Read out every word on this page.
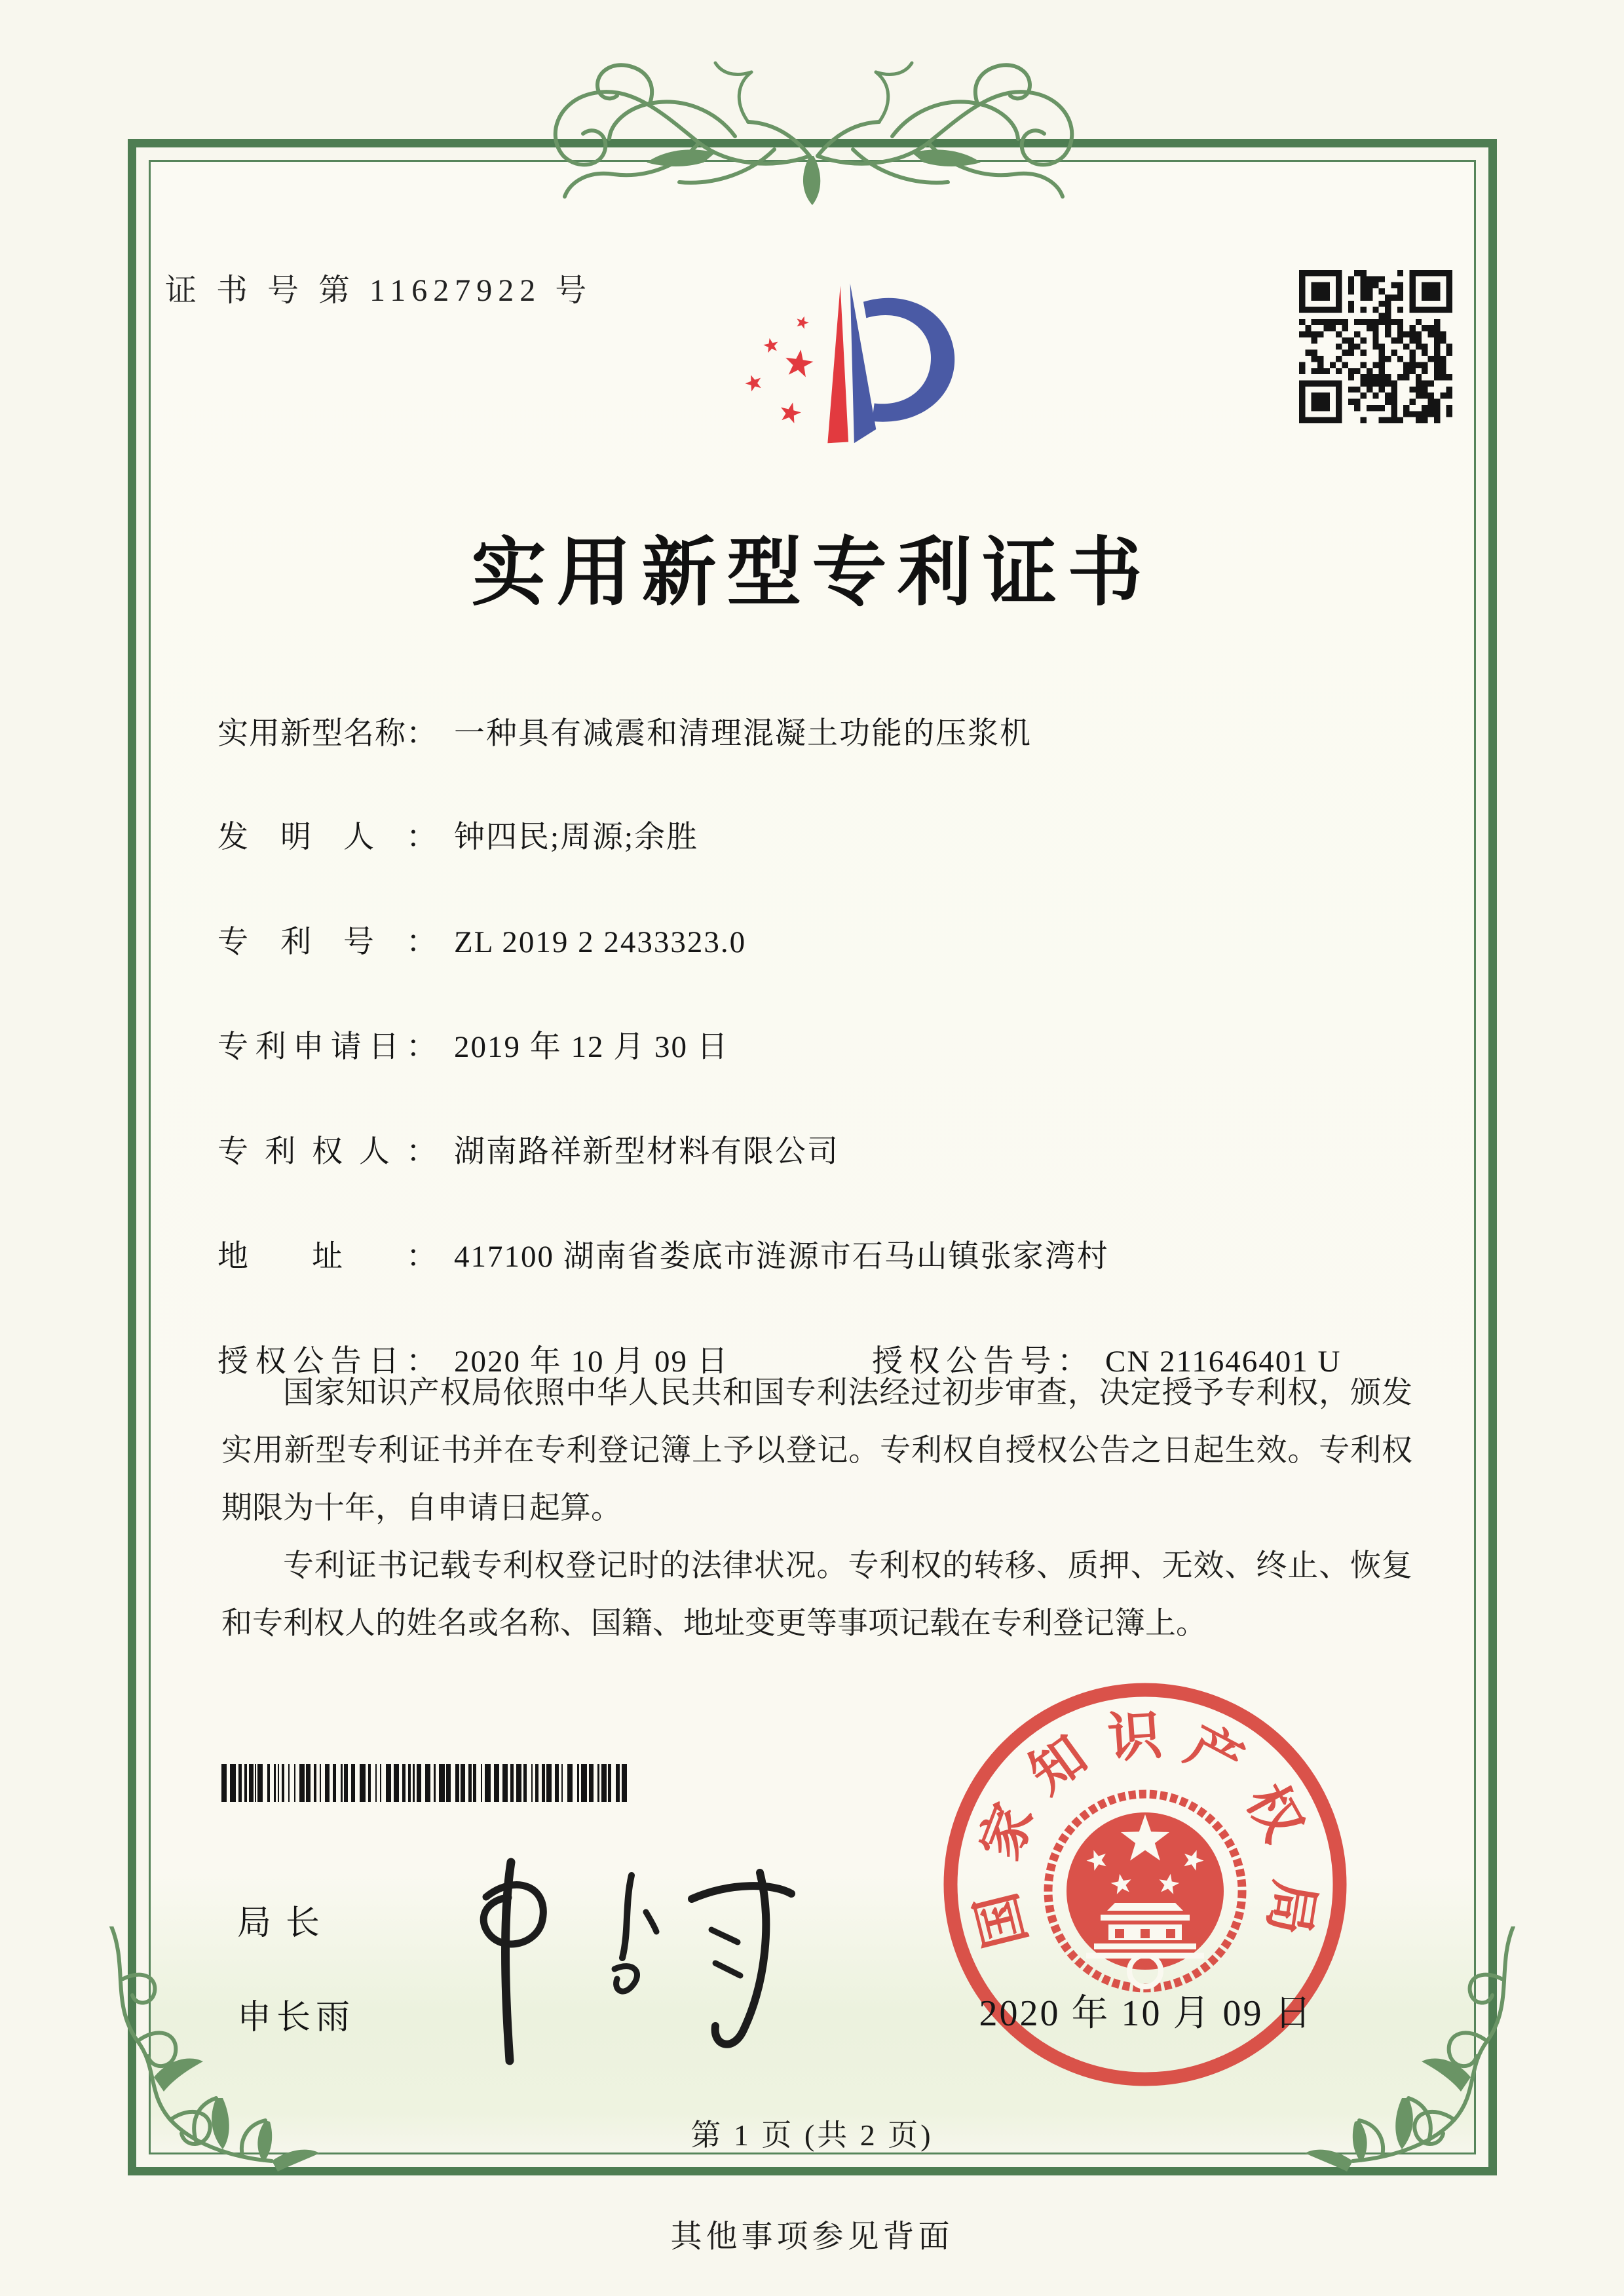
证 书 号 第 11627922 号
实用新型专利证书
实用新型名称： 一种具有减震和清理混凝土功能的压浆机
发明人： 钟四民;周源;余胜
专利号： ZL 2019 2 2433323.0
专利申请日： 2019 年 12 月 30 日
专利权人： 湖南路祥新型材料有限公司
地址： 417100 湖南省娄底市涟源市石马山镇张家湾村
授权公告日： 2020 年 10 月 09 日	授权公告号： CN 211646401 U

国家知识产权局依照中华人民共和国专利法经过初步审查，决定授予专利权，颁发实用新型专利证书并在专利登记簿上予以登记。专利权自授权公告之日起生效。专利权期限为十年，自申请日起算。

专利证书记载专利权登记时的法律状况。专利权的转移、质押、无效、终止、恢复和专利权人的姓名或名称、国籍、地址变更等事项记载在专利登记簿上。

局长
申长雨
国
家
知 识 产
权
局
2020 年 10 月 09 日
第 1 页 (共 2 页)
其他事项参见背面
